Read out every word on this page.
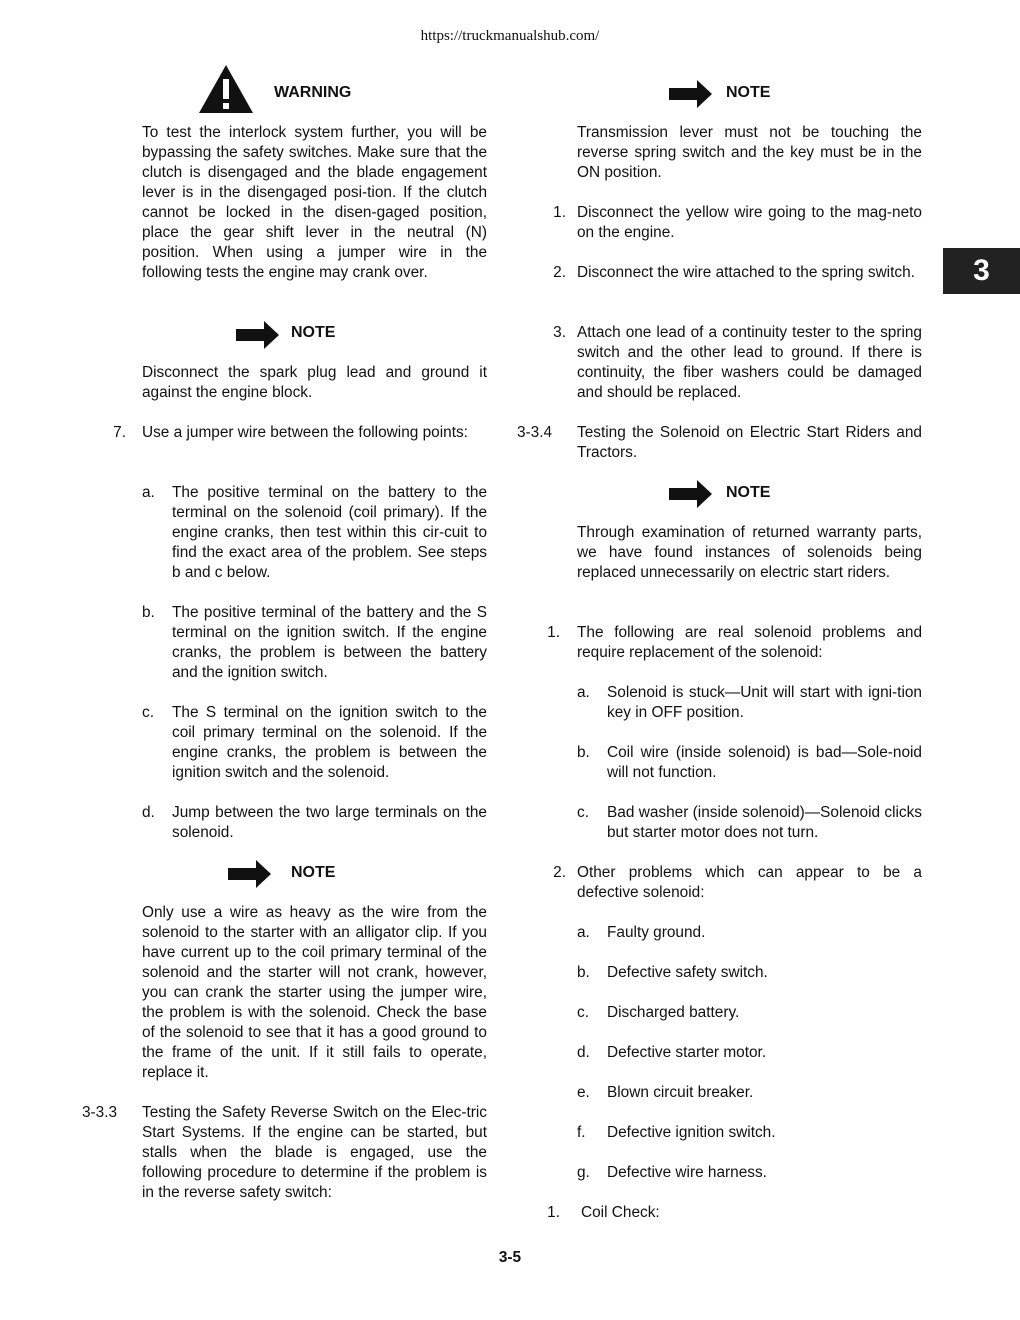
https://truckmanualshub.com/
3
WARNING
To test the interlock system further, you will be bypassing the safety switches. Make sure that the clutch is disengaged and the blade engagement lever is in the disengaged posi-tion. If the clutch cannot be locked in the disen-gaged position, place the gear shift lever in the neutral (N) position. When using a jumper wire in the following tests the engine may crank over.
NOTE
Disconnect the spark plug lead and ground it against the engine block.
7. Use a jumper wire between the following points:
a. The positive terminal on the battery to the terminal on the solenoid (coil primary). If the engine cranks, then test within this cir-cuit to find the exact area of the problem. See steps b and c below.
b. The positive terminal of the battery and the S terminal on the ignition switch. If the engine cranks, the problem is between the battery and the ignition switch.
c. The S terminal on the ignition switch to the coil primary terminal on the solenoid. If the engine cranks, the problem is between the ignition switch and the solenoid.
d. Jump between the two large terminals on the solenoid.
NOTE
Only use a wire as heavy as the wire from the solenoid to the starter with an alligator clip. If you have current up to the coil primary terminal of the solenoid and the starter will not crank, however, you can crank the starter using the jumper wire, the problem is with the solenoid. Check the base of the solenoid to see that it has a good ground to the frame of the unit. If it still fails to operate, replace it.
3-3.3 Testing the Safety Reverse Switch on the Elec-tric Start Systems. If the engine can be started, but stalls when the blade is engaged, use the following procedure to determine if the problem is in the reverse safety switch:
NOTE
Transmission lever must not be touching the reverse spring switch and the key must be in the ON position.
1. Disconnect the yellow wire going to the mag-neto on the engine.
2. Disconnect the wire attached to the spring switch.
3. Attach one lead of a continuity tester to the spring switch and the other lead to ground. If there is continuity, the fiber washers could be damaged and should be replaced.
3-3.4 Testing the Solenoid on Electric Start Riders and Tractors.
NOTE
Through examination of returned warranty parts, we have found instances of solenoids being replaced unnecessarily on electric start riders.
1. The following are real solenoid problems and require replacement of the solenoid:
a. Solenoid is stuck—Unit will start with igni-tion key in OFF position.
b. Coil wire (inside solenoid) is bad—Sole-noid will not function.
c. Bad washer (inside solenoid)—Solenoid clicks but starter motor does not turn.
2. Other problems which can appear to be a defective solenoid:
a. Faulty ground.
b. Defective safety switch.
c. Discharged battery.
d. Defective starter motor.
e. Blown circuit breaker.
f. Defective ignition switch.
g. Defective wire harness.
1. Coil Check:
3-5
